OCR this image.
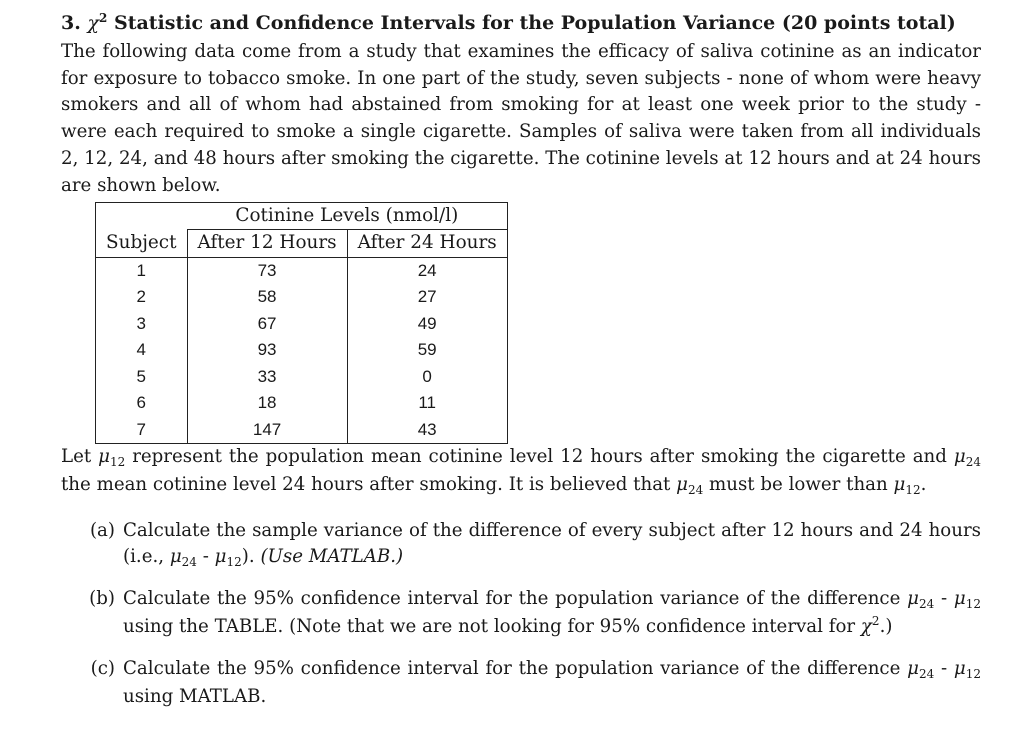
3. $\chi^2$ Statistic and Confidence Intervals for the Population Variance (20 points total)
The following data come from a study that examines the efficacy of saliva cotinine as an indicator for exposure to tobacco smoke. In one part of the study, seven subjects - none of whom were heavy smokers and all of whom had abstained from smoking for at least one week prior to the study - were each required to smoke a single cigarette. Samples of saliva were taken from all individuals 2, 12, 24, and 48 hours after smoking the cigarette. The cotinine levels at 12 hours and at 24 hours are shown below.
	Cotinine Levels (nmol/l)	
Subject	After 12 Hours	After 24 Hours
1	73	24
2	58	27
3	67	49
4	93	59
5	33	0
6	18	11
7	147	43
Let $\mu_{12}$ represent the population mean cotinine level 12 hours after smoking the cigarette and $\mu_{24}$ the mean cotinine level 24 hours after smoking. It is believed that $\mu_{24}$ must be lower than $\mu_{12}$.
(a) Calculate the sample variance of the difference of every subject after 12 hours and 24 hours (i.e., $\mu_{24} - \mu_{12}$). (Use MATLAB.)
(b) Calculate the 95% confidence interval for the population variance of the difference $\mu_{24} - \mu_{12}$ using the TABLE. (Note that we are not looking for 95% confidence interval for $\chi^2$.)
(c) Calculate the 95% confidence interval for the population variance of the difference $\mu_{24} - \mu_{12}$ using MATLAB.
